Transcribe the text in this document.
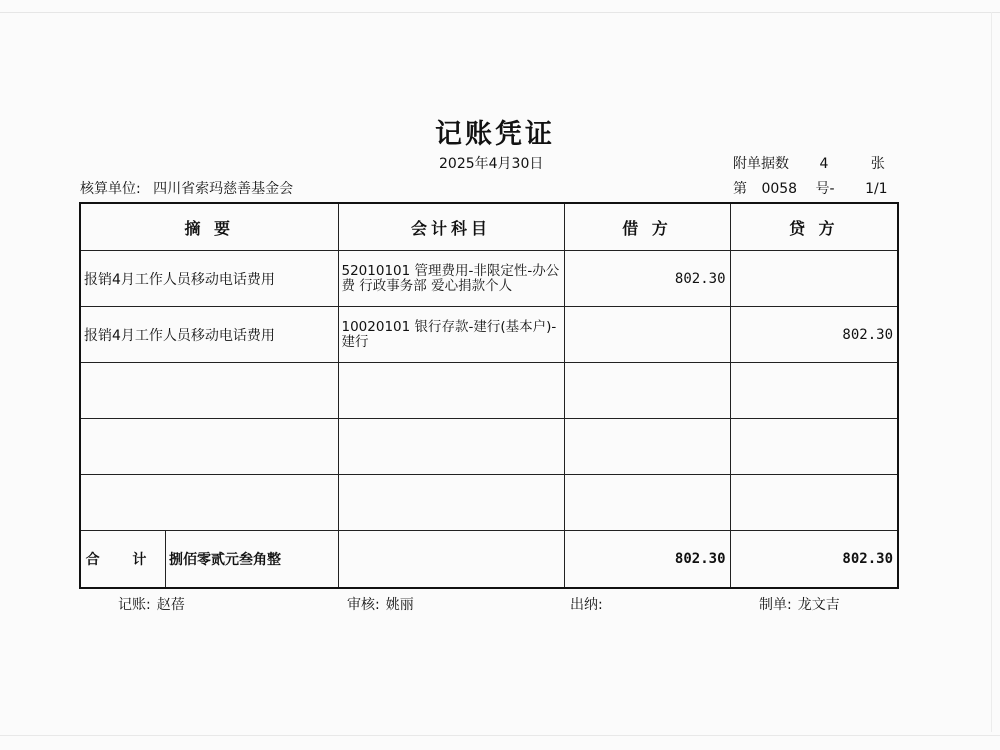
记账凭证
2025年4月30日	附单据数 4	张
核算单位: 四川省索玛慈善基金会	第 0058 号- 1/1
摘 要	会计科目	借 方	贷 方
报销4月工作人员移动电话费用	52010101 管理费用-非限定性-办公费 行政事务部 爱心捐款个人	802.30	
报销4月工作人员移动电话费用	10020101 银行存款-建行(基本户)-建行		802.30

合 计 捌佰零贰元叁角整		802.30	802.30
记账: 赵蓓	审核: 姚丽	出纳:	制单: 龙文吉
